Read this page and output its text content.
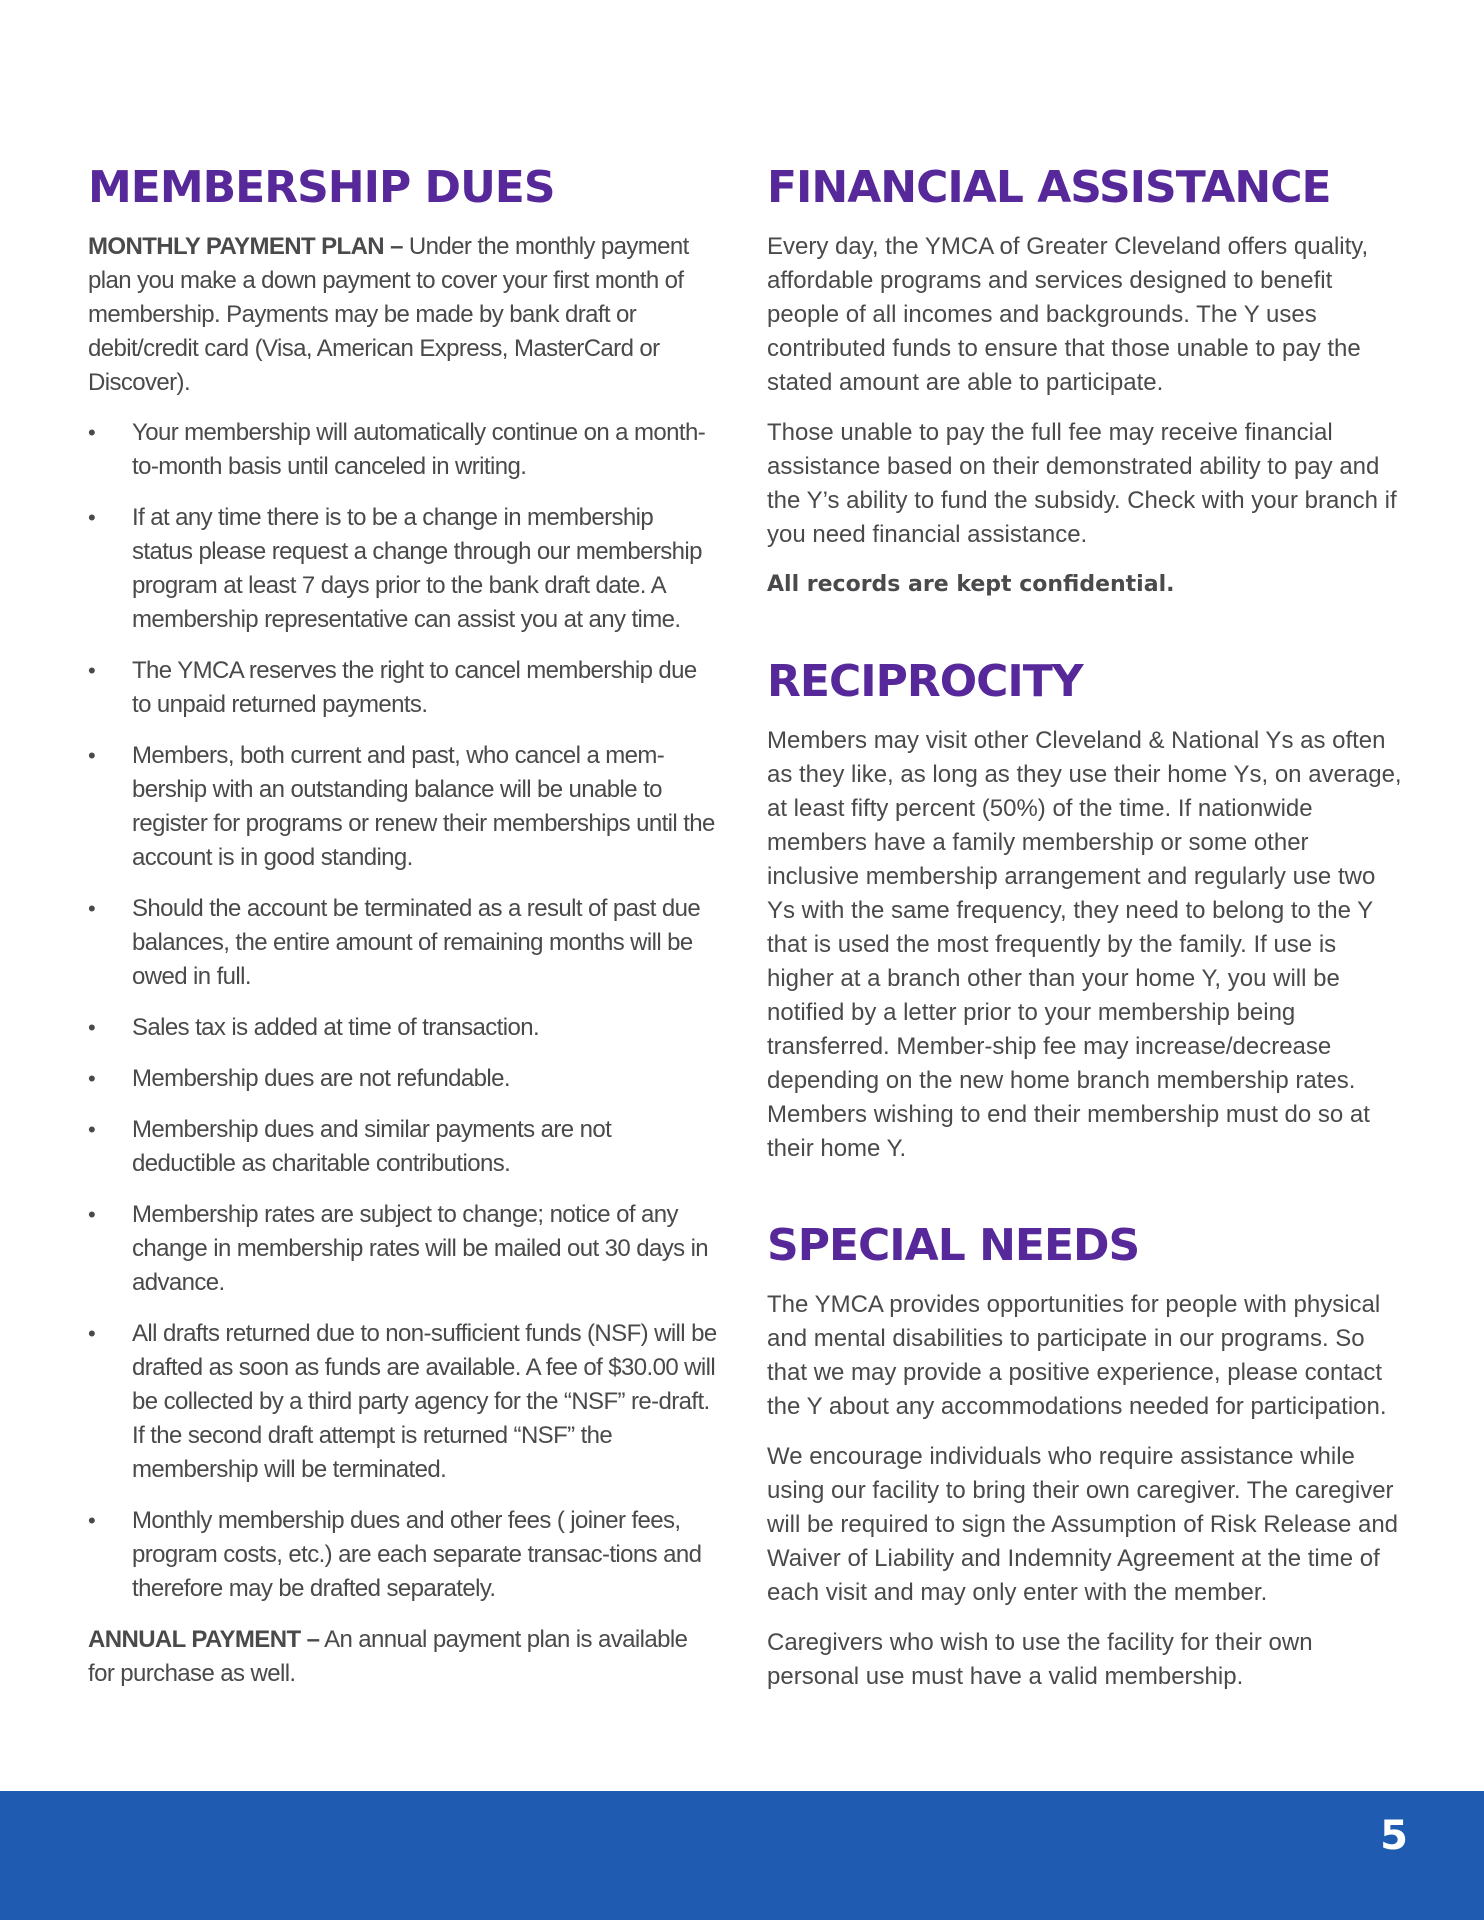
MEMBERSHIP DUES

MONTHLY PAYMENT PLAN – Under the monthly payment plan you make a down payment to cover your first month of membership. Payments may be made by bank draft or debit/credit card (Visa, American Express, MasterCard or Discover).

•	Your membership will automatically continue on a month-to-month basis until canceled in writing.
•	If at any time there is to be a change in membership status please request a change through our membership program at least 7 days prior to the bank draft date. A membership representative can assist you at any time.
•	The YMCA reserves the right to cancel membership due to unpaid returned payments.
•	Members, both current and past, who cancel a mem-bership with an outstanding balance will be unable to register for programs or renew their memberships until the account is in good standing.
•	Should the account be terminated as a result of past due balances, the entire amount of remaining months will be owed in full.
•	Sales tax is added at time of transaction.
•	Membership dues are not refundable.
•	Membership dues and similar payments are not deductible as charitable contributions.
•	Membership rates are subject to change; notice of any change in membership rates will be mailed out 30 days in advance.
•	All drafts returned due to non-sufficient funds (NSF) will be drafted as soon as funds are available. A fee of $30.00 will be collected by a third party agency for the “NSF” re-draft. If the second draft attempt is returned “NSF” the membership will be terminated.
•	Monthly membership dues and other fees ( joiner fees, program costs, etc.) are each separate transac-tions and therefore may be drafted separately.

ANNUAL PAYMENT – An annual payment plan is available for purchase as well.

FINANCIAL ASSISTANCE

Every day, the YMCA of Greater Cleveland offers quality, affordable programs and services designed to benefit people of all incomes and backgrounds. The Y uses contributed funds to ensure that those unable to pay the stated amount are able to participate.

Those unable to pay the full fee may receive financial assistance based on their demonstrated ability to pay and the Y’s ability to fund the subsidy. Check with your branch if you need financial assistance.

All records are kept confidential.

RECIPROCITY

Members may visit other Cleveland & National Ys as often as they like, as long as they use their home Ys, on average, at least fifty percent (50%) of the time. If nationwide members have a family membership or some other inclusive membership arrangement and regularly use two Ys with the same frequency, they need to belong to the Y that is used the most frequently by the family. If use is higher at a branch other than your home Y, you will be notified by a letter prior to your membership being transferred. Member-ship fee may increase/decrease depending on the new home branch membership rates. Members wishing to end their membership must do so at their home Y.

SPECIAL NEEDS

The YMCA provides opportunities for people with physical and mental disabilities to participate in our programs. So that we may provide a positive experience, please contact the Y about any accommodations needed for participation.

We encourage individuals who require assistance while using our facility to bring their own caregiver. The caregiver will be required to sign the Assumption of Risk Release and Waiver of Liability and Indemnity Agreement at the time of each visit and may only enter with the member.

Caregivers who wish to use the facility for their own personal use must have a valid membership.

5
